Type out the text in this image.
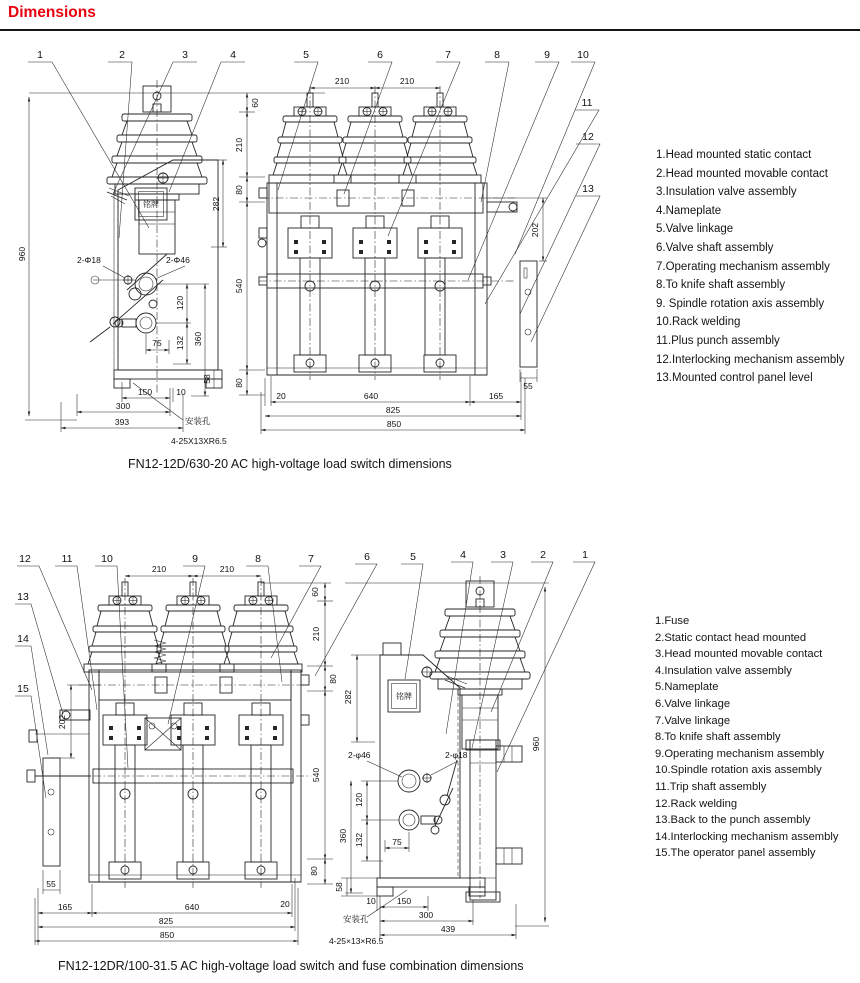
Dimensions
960	2-Φ18	2-Φ46
120
132 360
75
58
282
150	10
300
393	安装孔
4-25X13XR6.5
60
210
80
540
80
铭牌
210	210
202
55
20	640	165
825
850
1	2	3	4	5	6	7	8	9	10
11
12
13
1.Head mounted static contact
2.Head mounted movable contact
3.Insulation valve assembly
4.Nameplate
5.Valve linkage
6.Valve shaft assembly
7.Operating mechanism assembly
8.To knife shaft assembly
9. Spindle rotation axis assembly
10.Rack welding
11.Plus punch assembly
12.Interlocking mechanism assembly
13.Mounted control panel level
FN12-12D/630-20 AC high-voltage load switch dimensions
210	210
202
55
165	640	20
825
850
60
210
80
540
80
960
282
58
2-φ46	2-φ18
120
132
360	75
10 150
300
439
安装孔
4-25×13×R6.5
铭牌
12	11	10	9	8	7
13
14
15
6	5	4	3	2	1
1.Fuse
2.Static contact head mounted
3.Head mounted movable contact
4.Insulation valve assembly
5.Nameplate
6.Valve linkage
7.Valve linkage
8.To knife shaft assembly
9.Operating mechanism assembly
10.Spindle rotation axis assembly
11.Trip shaft assembly
12.Rack welding
13.Back to the punch assembly
14.Interlocking mechanism assembly
15.The operator panel assembly
FN12-12DR/100-31.5 AC high-voltage load switch and fuse combination dimensions
